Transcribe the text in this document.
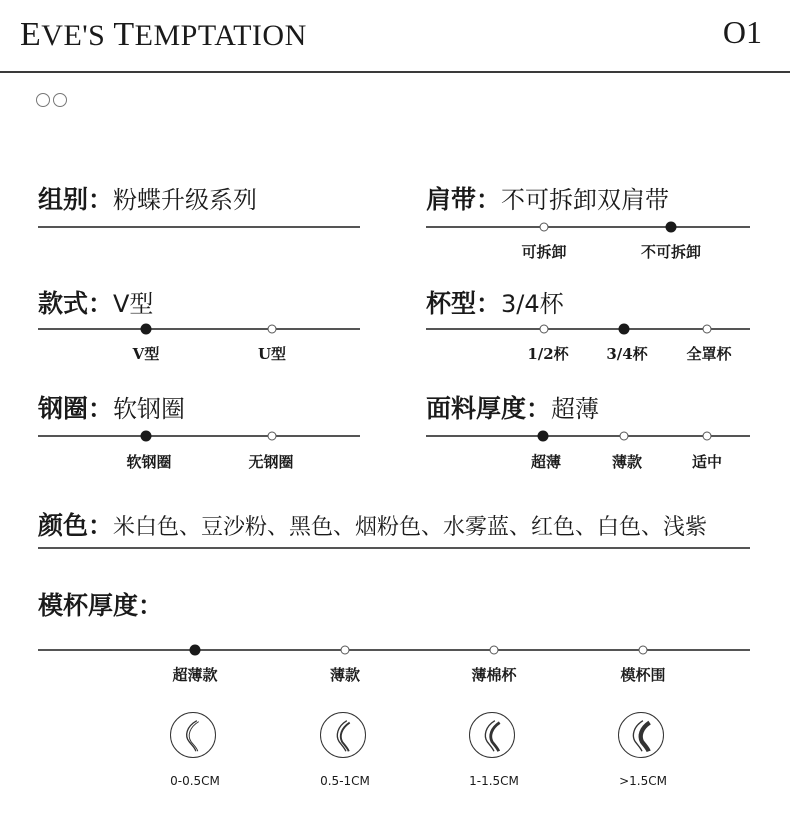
EVE'S TEMPTATION	O1
组别：粉蝶升级系列	肩带：不可拆卸双肩带
可拆卸	不可拆卸
款式：V型
V型	U型
杯型：3/4杯
1/2杯	3/4杯	全罩杯
钢圈：软钢圈
软钢圈	无钢圈
面料厚度：超薄
超薄	薄款	适中
颜色：米白色、豆沙粉、黑色、烟粉色、水雾蓝、红色、白色、浅紫
模杯厚度：
超薄款	薄款	薄棉杯	模杯围
0-0.5CM	0.5-1CM	1-1.5CM	>1.5CM
